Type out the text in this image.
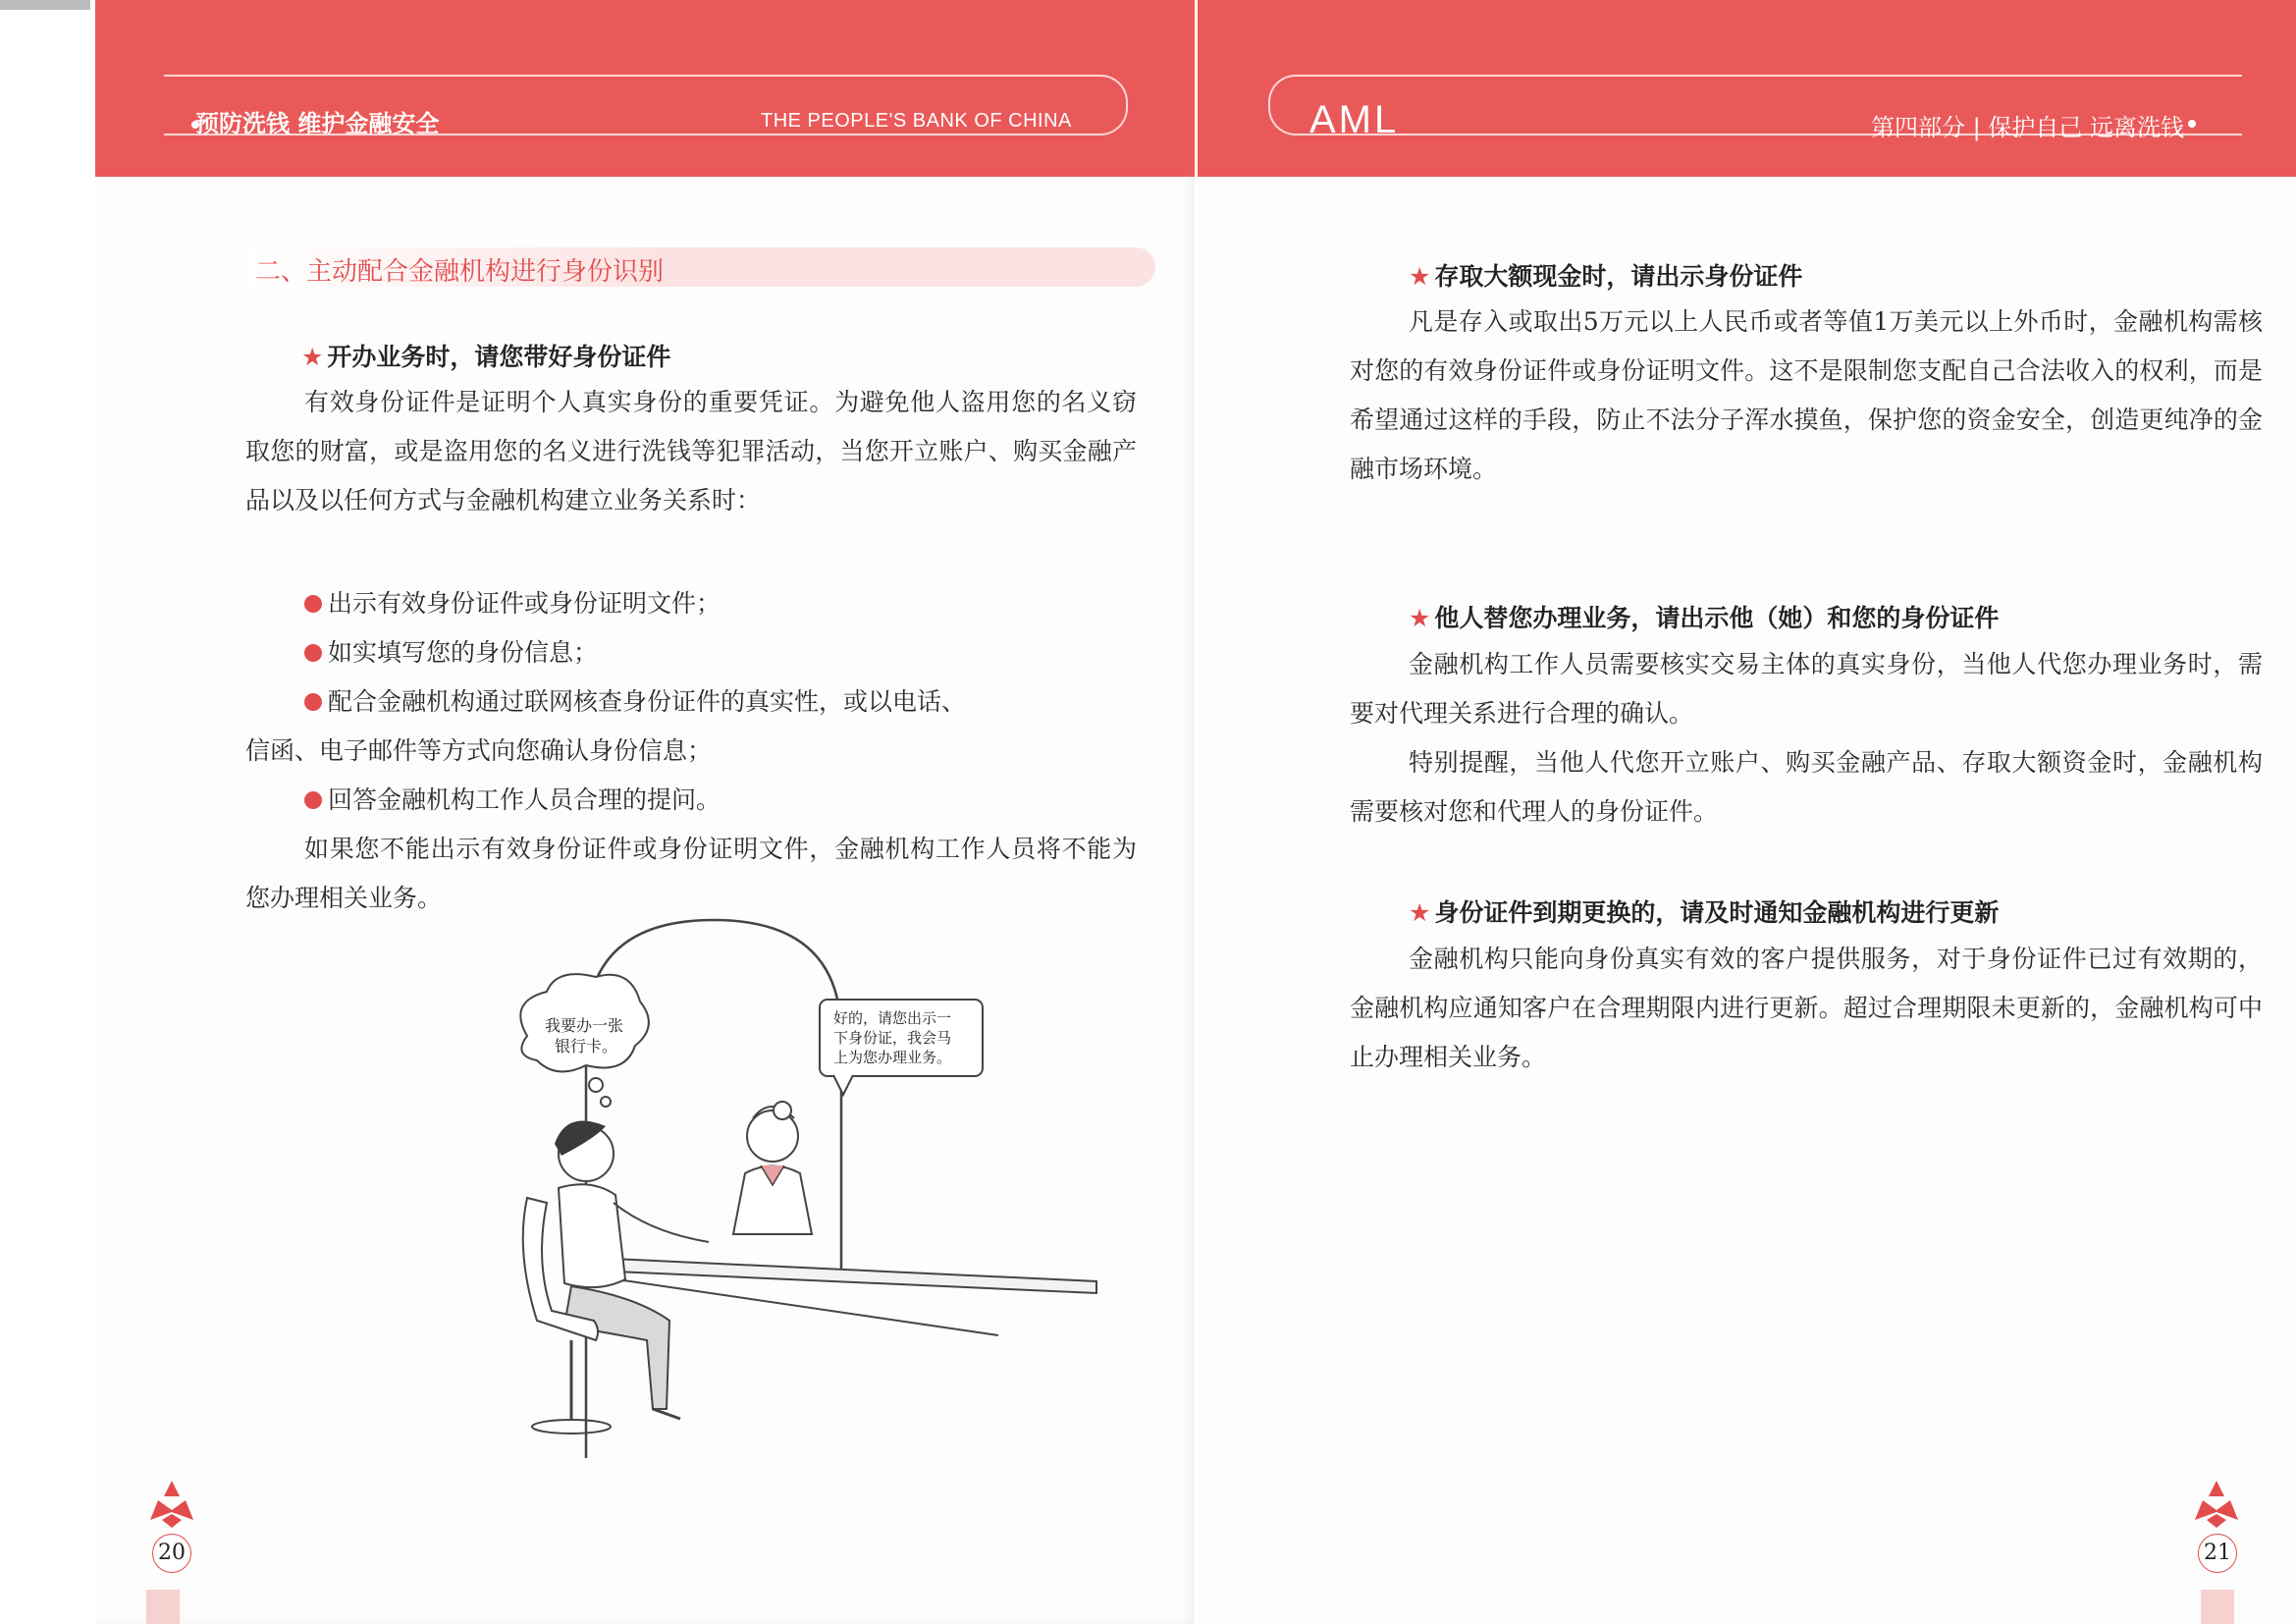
预防洗钱 维护金融安全	THE PEOPLE'S BANK OF CHINA
二、主动配合金融机构进行身份识别
★ 开办业务时，请您带好身份证件
有效身份证件是证明个人真实身份的重要凭证。为避免他人盗用您的名义窃取您的财富，或是盗用您的名义进行洗钱等犯罪活动，当您开立账户、购买金融产品以及以任何方式与金融机构建立业务关系时：
出示有效身份证件或身份证明文件；
如实填写您的身份信息；
配合金融机构通过联网核查身份证件的真实性，或以电话、
信函、电子邮件等方式向您确认身份信息；
回答金融机构工作人员合理的提问。
如果您不能出示有效身份证件或身份证明文件，金融机构工作人员将不能为您办理相关业务。
我要办一张
银行卡。
好的，请您出示一
下身份证，我会马
上为您办理业务。
20
AML	第四部分 | 保护自己 远离洗钱
★ 存取大额现金时，请出示身份证件
凡是存入或取出5万元以上人民币或者等值1万美元以上外币时，金融机构需核对您的有效身份证件或身份证明文件。这不是限制您支配自己合法收入的权利，而是希望通过这样的手段，防止不法分子浑水摸鱼，保护您的资金安全，创造更纯净的金融市场环境。
★ 他人替您办理业务，请出示他（她）和您的身份证件
金融机构工作人员需要核实交易主体的真实身份，当他人代您办理业务时，需要对代理关系进行合理的确认。
特别提醒，当他人代您开立账户、购买金融产品、存取大额资金时，金融机构需要核对您和代理人的身份证件。
★ 身份证件到期更换的，请及时通知金融机构进行更新
金融机构只能向身份真实有效的客户提供服务，对于身份证件已过有效期的，金融机构应通知客户在合理期限内进行更新。超过合理期限未更新的，金融机构可中止办理相关业务。
21
